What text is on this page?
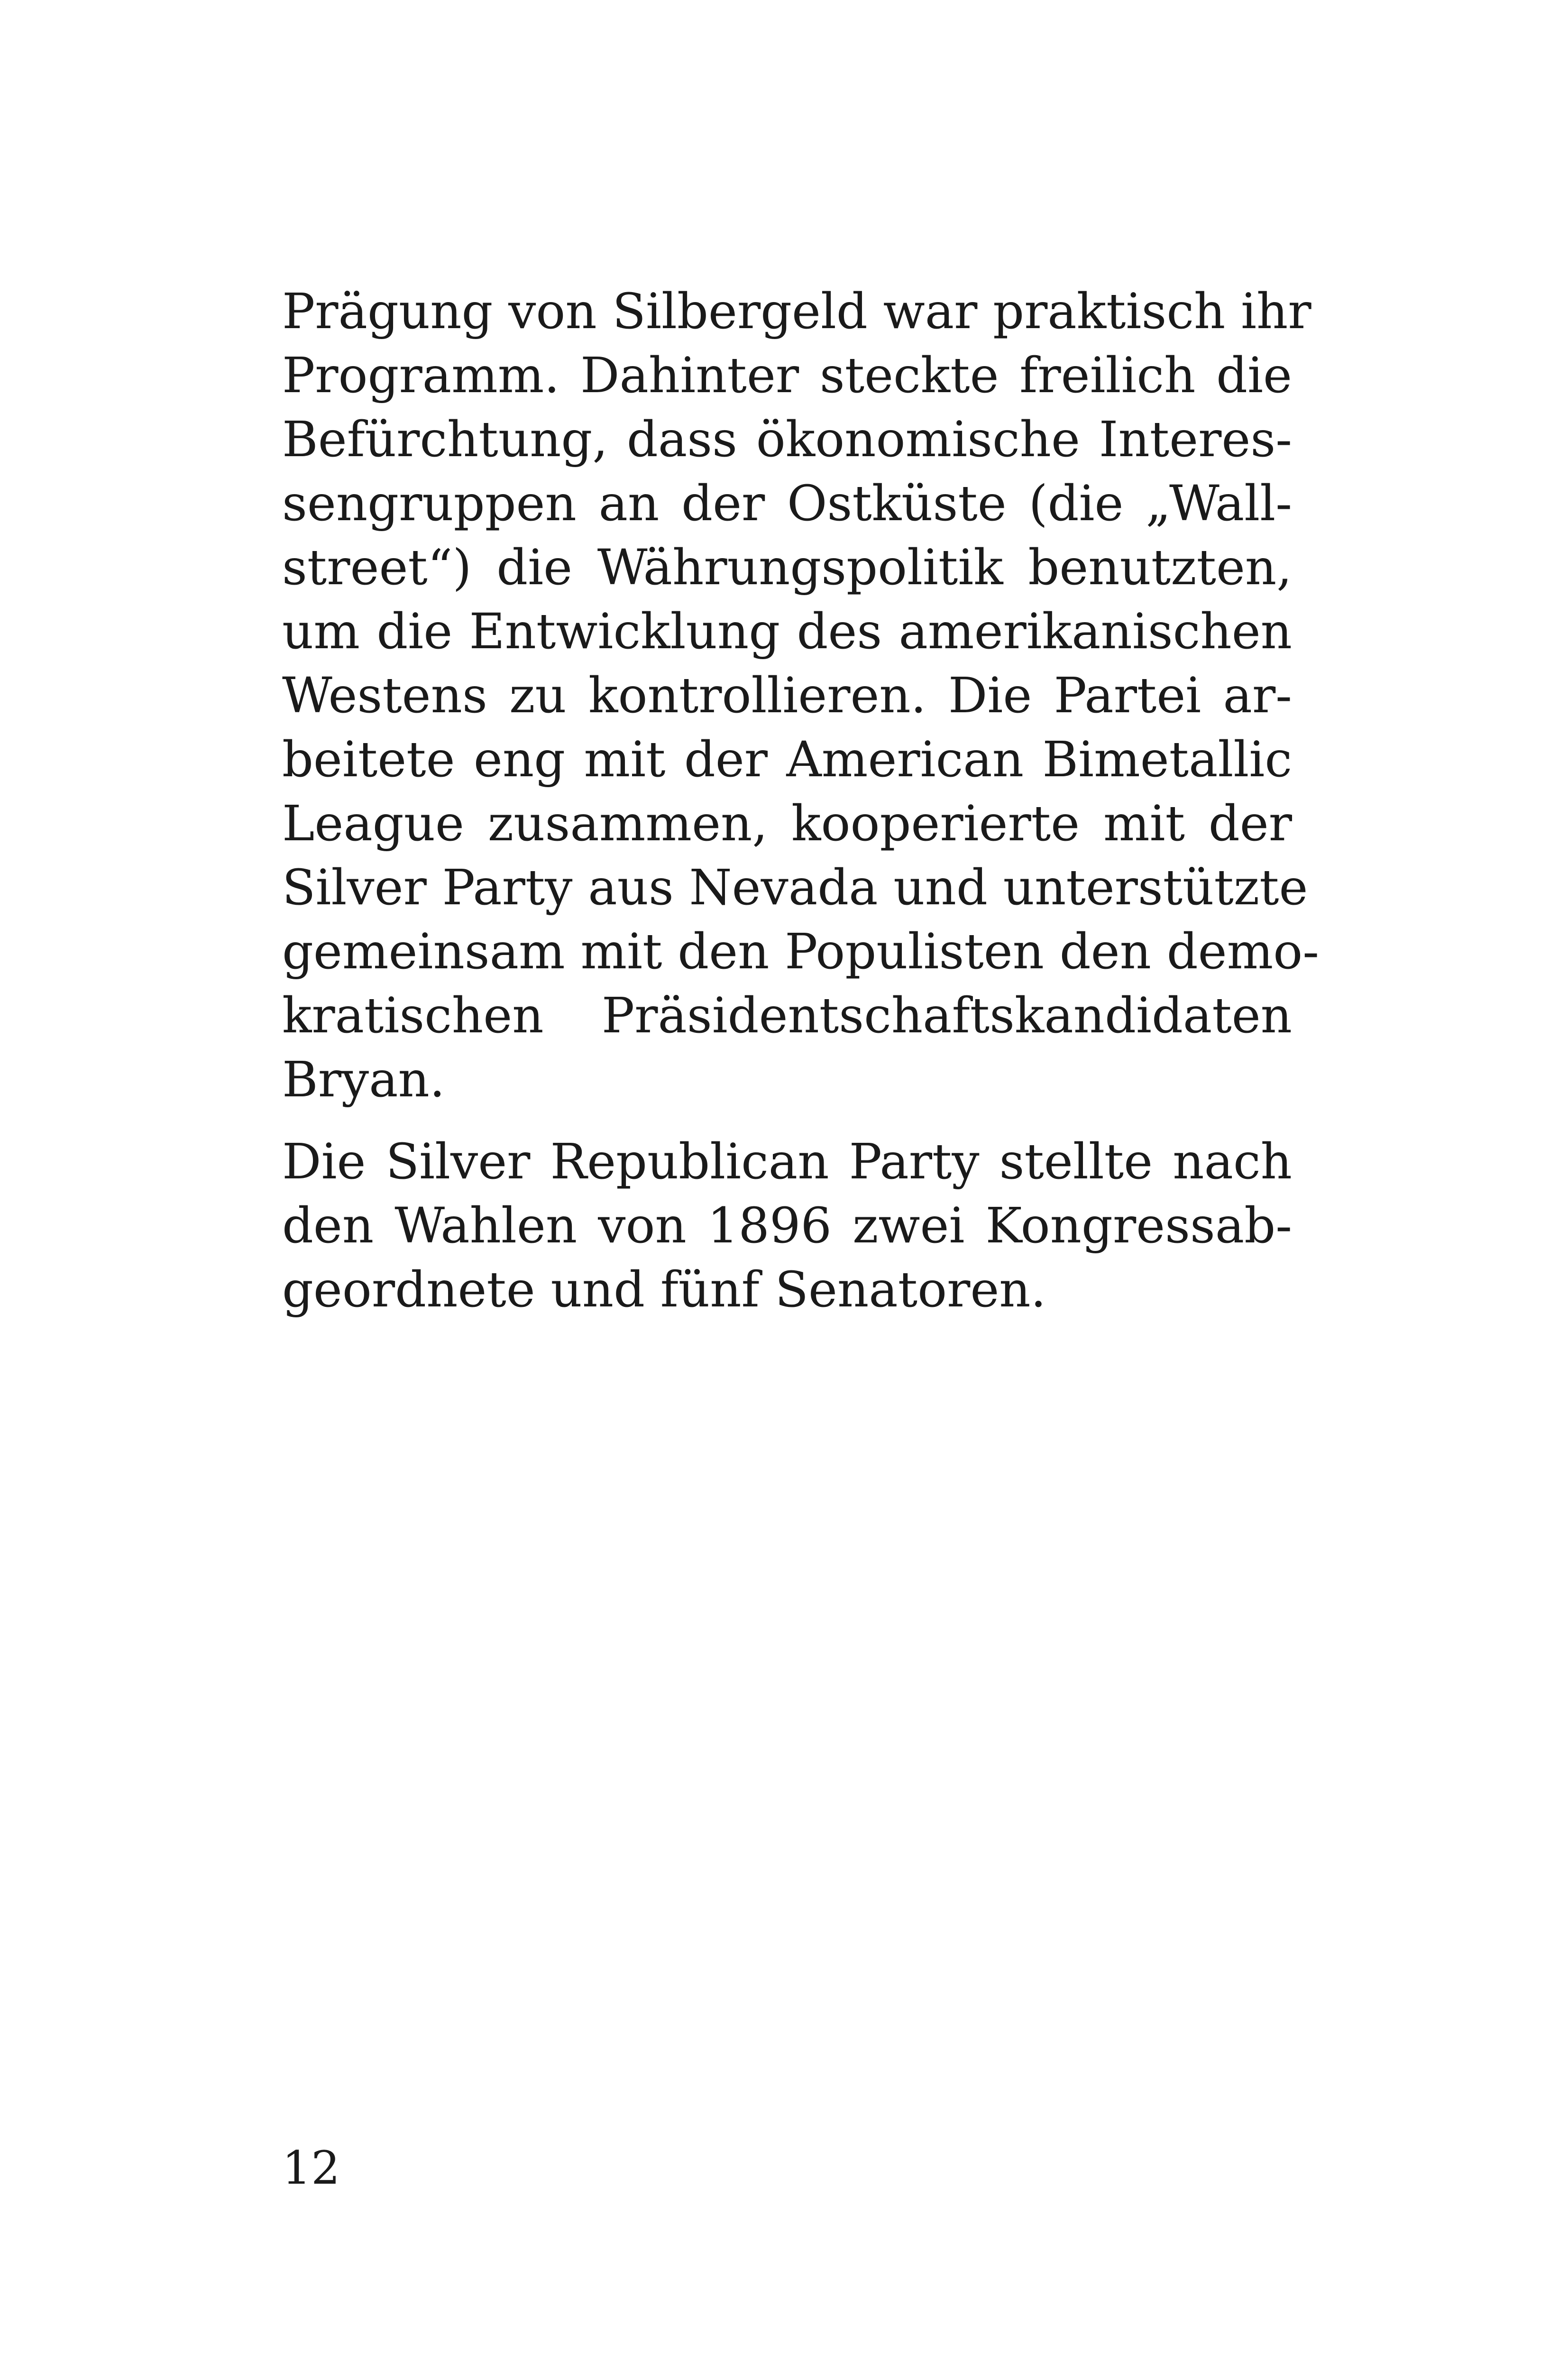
Prägung von Silbergeld war praktisch ihr
Programm. Dahinter steckte freilich die
Befürchtung, dass ökonomische Interes-
sengruppen an der Ostküste (die „Wall-
street“) die Währungspolitik benutzten,
um die Entwicklung des amerikanischen
Westens zu kontrollieren. Die Partei ar-
beitete eng mit der American Bimetallic
League zusammen, kooperierte mit der
Silver Party aus Nevada und unterstützte
gemeinsam mit den Populisten den demo-
kratischen Präsidentschaftskandidaten
Bryan.
Die Silver Republican Party stellte nach
den Wahlen von 1896 zwei Kongressab-
geordnete und fünf Senatoren.
12
